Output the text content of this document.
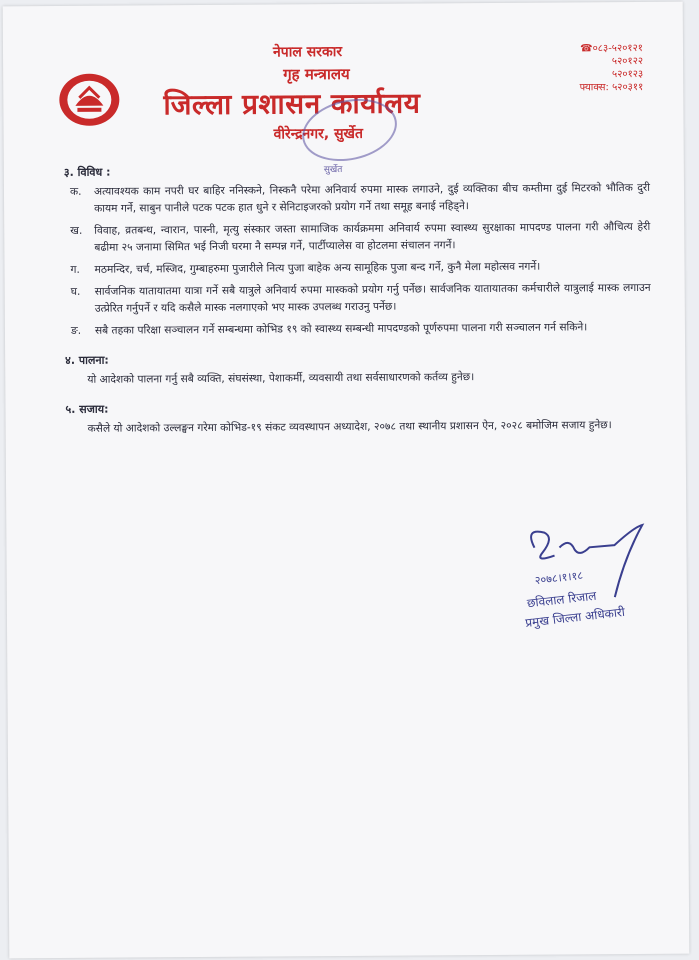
नेपाल सरकार
गृह मन्त्रालय
जिल्ला प्रशासन कार्यालय
वीरेन्द्रनगर, सुर्खेत
☎०८३-५२०१२१
५२०१२२
५२०१२३
फ्याक्स: ५२०३११
सुर्खेत
३. विविध :
क.	अत्यावश्यक काम नपरी घर बाहिर ननिस्कने, निस्कनै परेमा अनिवार्य रुपमा मास्क लगाउने, दुई व्यक्तिका बीच कम्तीमा दुई मिटरको भौतिक दुरी कायम गर्ने, साबुन पानीले पटक पटक हात धुने र सेनिटाइजरको प्रयोग गर्ने तथा समूह बनाई नहिड्ने।
ख.	विवाह, व्रतबन्ध, न्वारान, पास्नी, मृत्यु संस्कार जस्ता सामाजिक कार्यक्रममा अनिवार्य रुपमा स्वास्थ्य सुरक्षाका मापदण्ड पालना गरी औचित्य हेरी बढीमा २५ जनामा सिमित भई निजी घरमा नै सम्पन्न गर्ने, पार्टीप्यालेस वा होटलमा संचालन नगर्ने।
ग.	मठमन्दिर, चर्च, मस्जिद, गुम्बाहरुमा पुजारीले नित्य पुजा बाहेक अन्य सामूहिक पुजा बन्द गर्ने, कुनै मेला महोत्सव नगर्ने।
घ.	सार्वजनिक यातायातमा यात्रा गर्ने सबै यात्रुले अनिवार्य रुपमा मास्कको प्रयोग गर्नु पर्नेछ। सार्वजनिक यातायातका कर्मचारीले यात्रुलाई मास्क लगाउन उत्प्रेरित गर्नुपर्ने र यदि कसैले मास्क नलगाएको भए मास्क उपलब्ध गराउनु पर्नेछ।
ङ.	सबै तहका परिक्षा सञ्चालन गर्ने सम्बन्धमा कोभिड १९ को स्वास्थ्य सम्बन्धी मापदण्डको पूर्णरुपमा पालना गरी सञ्चालन गर्न सकिने।
४. पालना:
यो आदेशको पालना गर्नु सबै व्यक्ति, संघसंस्था, पेशाकर्मी, व्यवसायी तथा सर्वसाधारणको कर्तव्य हुनेछ।
५. सजाय:
कसैले यो आदेशको उल्लङ्घन गरेमा कोभिड-१९ संकट व्यवस्थापन अध्यादेश, २०७८ तथा स्थानीय प्रशासन ऐन, २०२८ बमोजिम सजाय हुनेछ।
२०७८।१।१८
छविलाल रिजाल
प्रमुख जिल्ला अधिकारी
